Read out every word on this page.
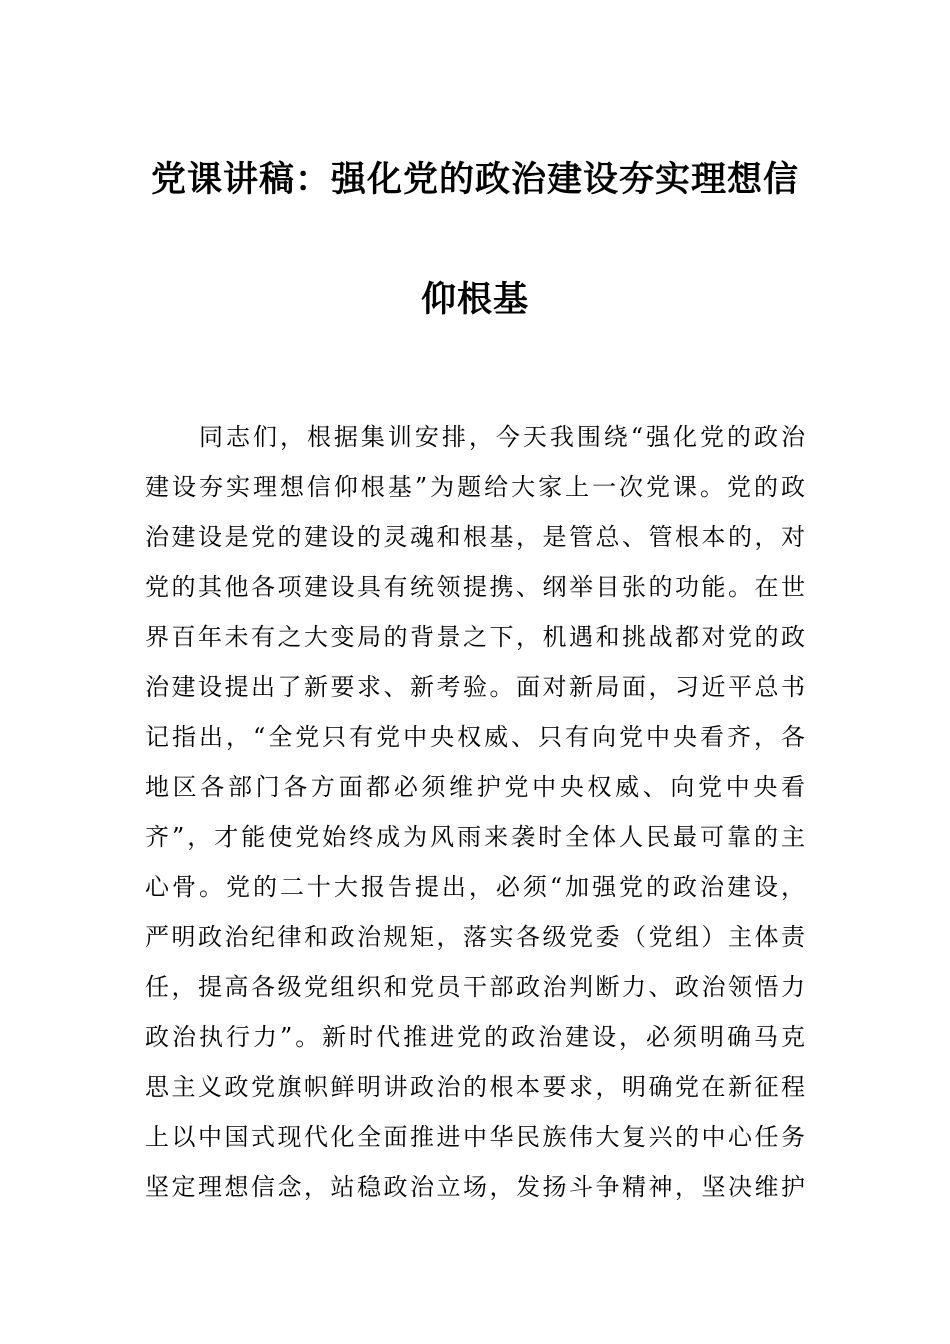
党课讲稿：强化党的政治建设夯实理想信
仰根基
同志们，根据集训安排，今天我围绕“强化党的政治
建设夯实理想信仰根基”为题给大家上一次党课。党的政
治建设是党的建设的灵魂和根基，是管总、管根本的，对
党的其他各项建设具有统领提携、纲举目张的功能。在世
界百年未有之大变局的背景之下，机遇和挑战都对党的政
治建设提出了新要求、新考验。面对新局面，习近平总书
记指出，“全党只有党中央权威、只有向党中央看齐，各
地区各部门各方面都必须维护党中央权威、向党中央看
齐”，才能使党始终成为风雨来袭时全体人民最可靠的主
心骨。党的二十大报告提出，必须“加强党的政治建设，
严明政治纪律和政治规矩，落实各级党委（党组）主体责
任，提高各级党组织和党员干部政治判断力、政治领悟力
政治执行力”。新时代推进党的政治建设，必须明确马克
思主义政党旗帜鲜明讲政治的根本要求，明确党在新征程
上以中国式现代化全面推进中华民族伟大复兴的中心任务
坚定理想信念，站稳政治立场，发扬斗争精神，坚决维护
